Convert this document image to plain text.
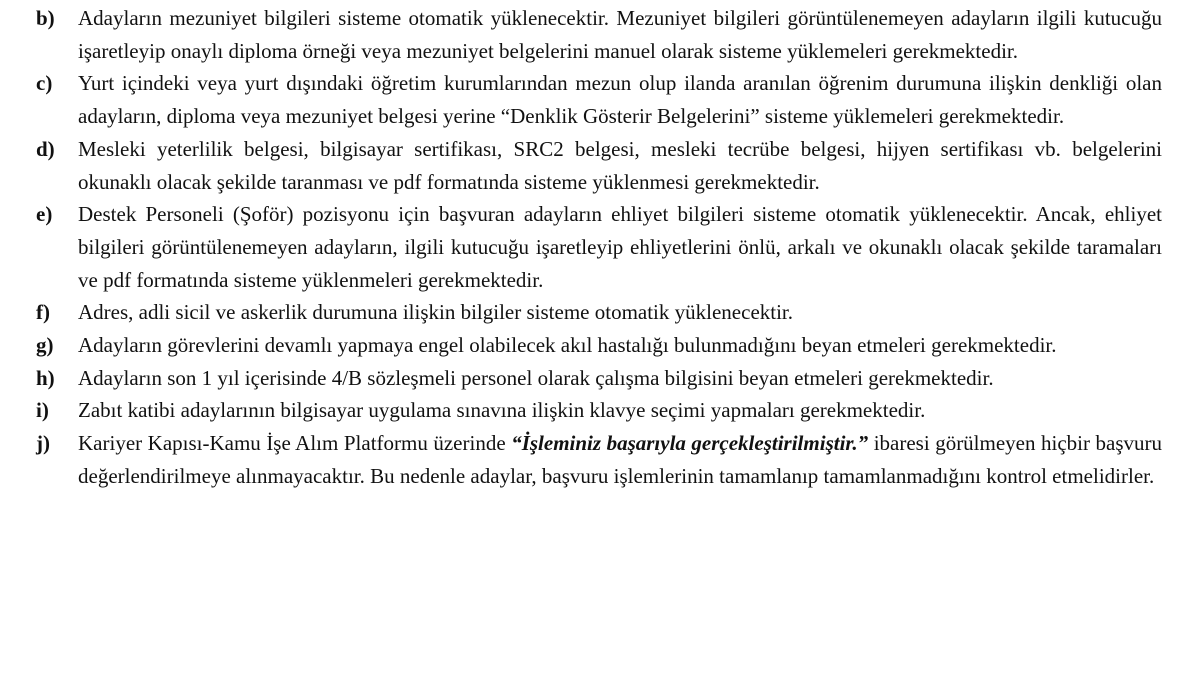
b)	Adayların mezuniyet bilgileri sisteme otomatik yüklenecektir. Mezuniyet bilgileri görüntülenemeyen adayların ilgili kutucuğu işaretleyip onaylı diploma örneği veya mezuniyet belgelerini manuel olarak sisteme yüklemeleri gerekmektedir.
c)	Yurt içindeki veya yurt dışındaki öğretim kurumlarından mezun olup ilanda aranılan öğrenim durumuna ilişkin denkliği olan adayların, diploma veya mezuniyet belgesi yerine “Denklik Gösterir Belgelerini” sisteme yüklemeleri gerekmektedir.
d)	Mesleki yeterlilik belgesi, bilgisayar sertifikası, SRC2 belgesi, mesleki tecrübe belgesi, hijyen sertifikası vb. belgelerini okunaklı olacak şekilde taranması ve pdf formatında sisteme yüklenmesi gerekmektedir.
e)	Destek Personeli (Şoför) pozisyonu için başvuran adayların ehliyet bilgileri sisteme otomatik yüklenecektir. Ancak, ehliyet bilgileri görüntülenemeyen adayların, ilgili kutucuğu işaretleyip ehliyetlerini önlü, arkalı ve okunaklı olacak şekilde taramaları ve pdf formatında sisteme yüklenmeleri gerekmektedir.
f)	Adres, adli sicil ve askerlik durumuna ilişkin bilgiler sisteme otomatik yüklenecektir.
g)	Adayların görevlerini devamlı yapmaya engel olabilecek akıl hastalığı bulunmadığını beyan etmeleri gerekmektedir.
h)	Adayların son 1 yıl içerisinde 4/B sözleşmeli personel olarak çalışma bilgisini beyan etmeleri gerekmektedir.
i)	Zabıt katibi adaylarının bilgisayar uygulama sınavına ilişkin klavye seçimi yapmaları gerekmektedir.
j)	Kariyer Kapısı-Kamu İşe Alım Platformu üzerinde “İşleminiz başarıyla gerçekleştirilmiştir.” ibaresi görülmeyen hiçbir başvuru değerlendirilmeye alınmayacaktır. Bu nedenle adaylar, başvuru işlemlerinin tamamlanıp tamamlanmadığını kontrol etmelidirler.
